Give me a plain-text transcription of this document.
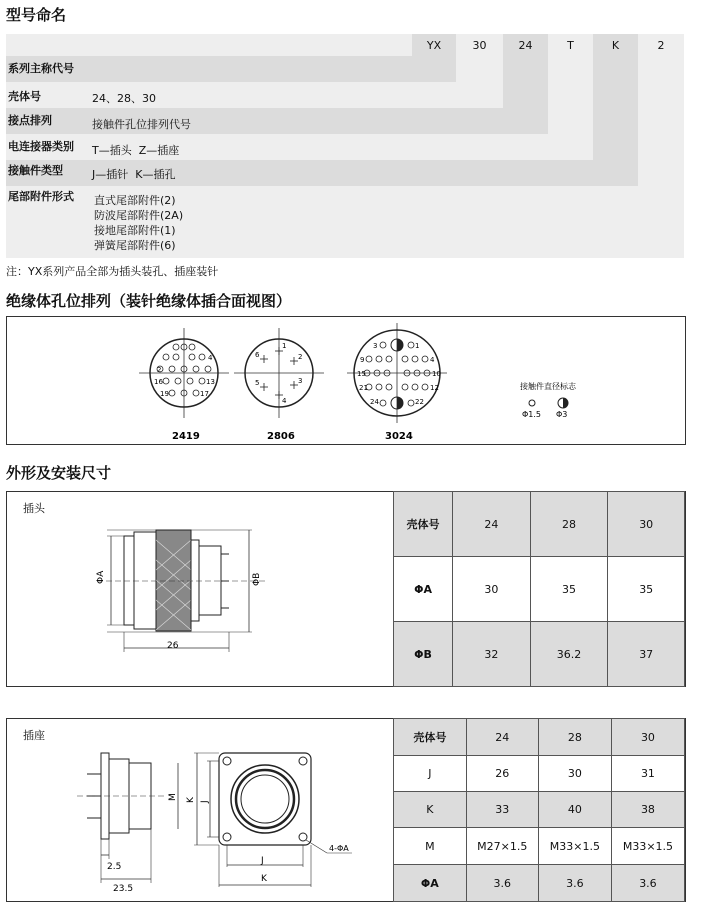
型号命名
YX	30	24	T	K	2
系列主称代号
壳体号	24、28、30
接点排列	接触件孔位排列代号
电连接器类别 T—插头  Z—插座
接触件类型	J—插针  K—插孔
尾部附件形式 直式尾部附件(2)
防波尾部附件(2A)
接地尾部附件(1)
弹簧尾部附件(6)
注：YX系列产品全部为插头装孔、插座装针
绝缘体孔位排列（装针绝缘体插合面视图）
2
4
16	13
19	17
2419
6
1
2
5	3
4
2806
3	1
9	4
15	10
21	12
24	22
3024
接触件直径标志
Φ1.5 Φ3
外形及安装尺寸
插头
ΦA	ΦB
26
壳体号	24	28	30
ΦA	30	35	35
ΦB	32	36.2	37
插座
2.5
23.5
M K J
J
K
4-ΦA
壳体号	24	28	30
J	26	30	31
K	33	40	38
M	M27×1.5	M33×1.5	M33×1.5
ΦA	3.6	3.6	3.6
